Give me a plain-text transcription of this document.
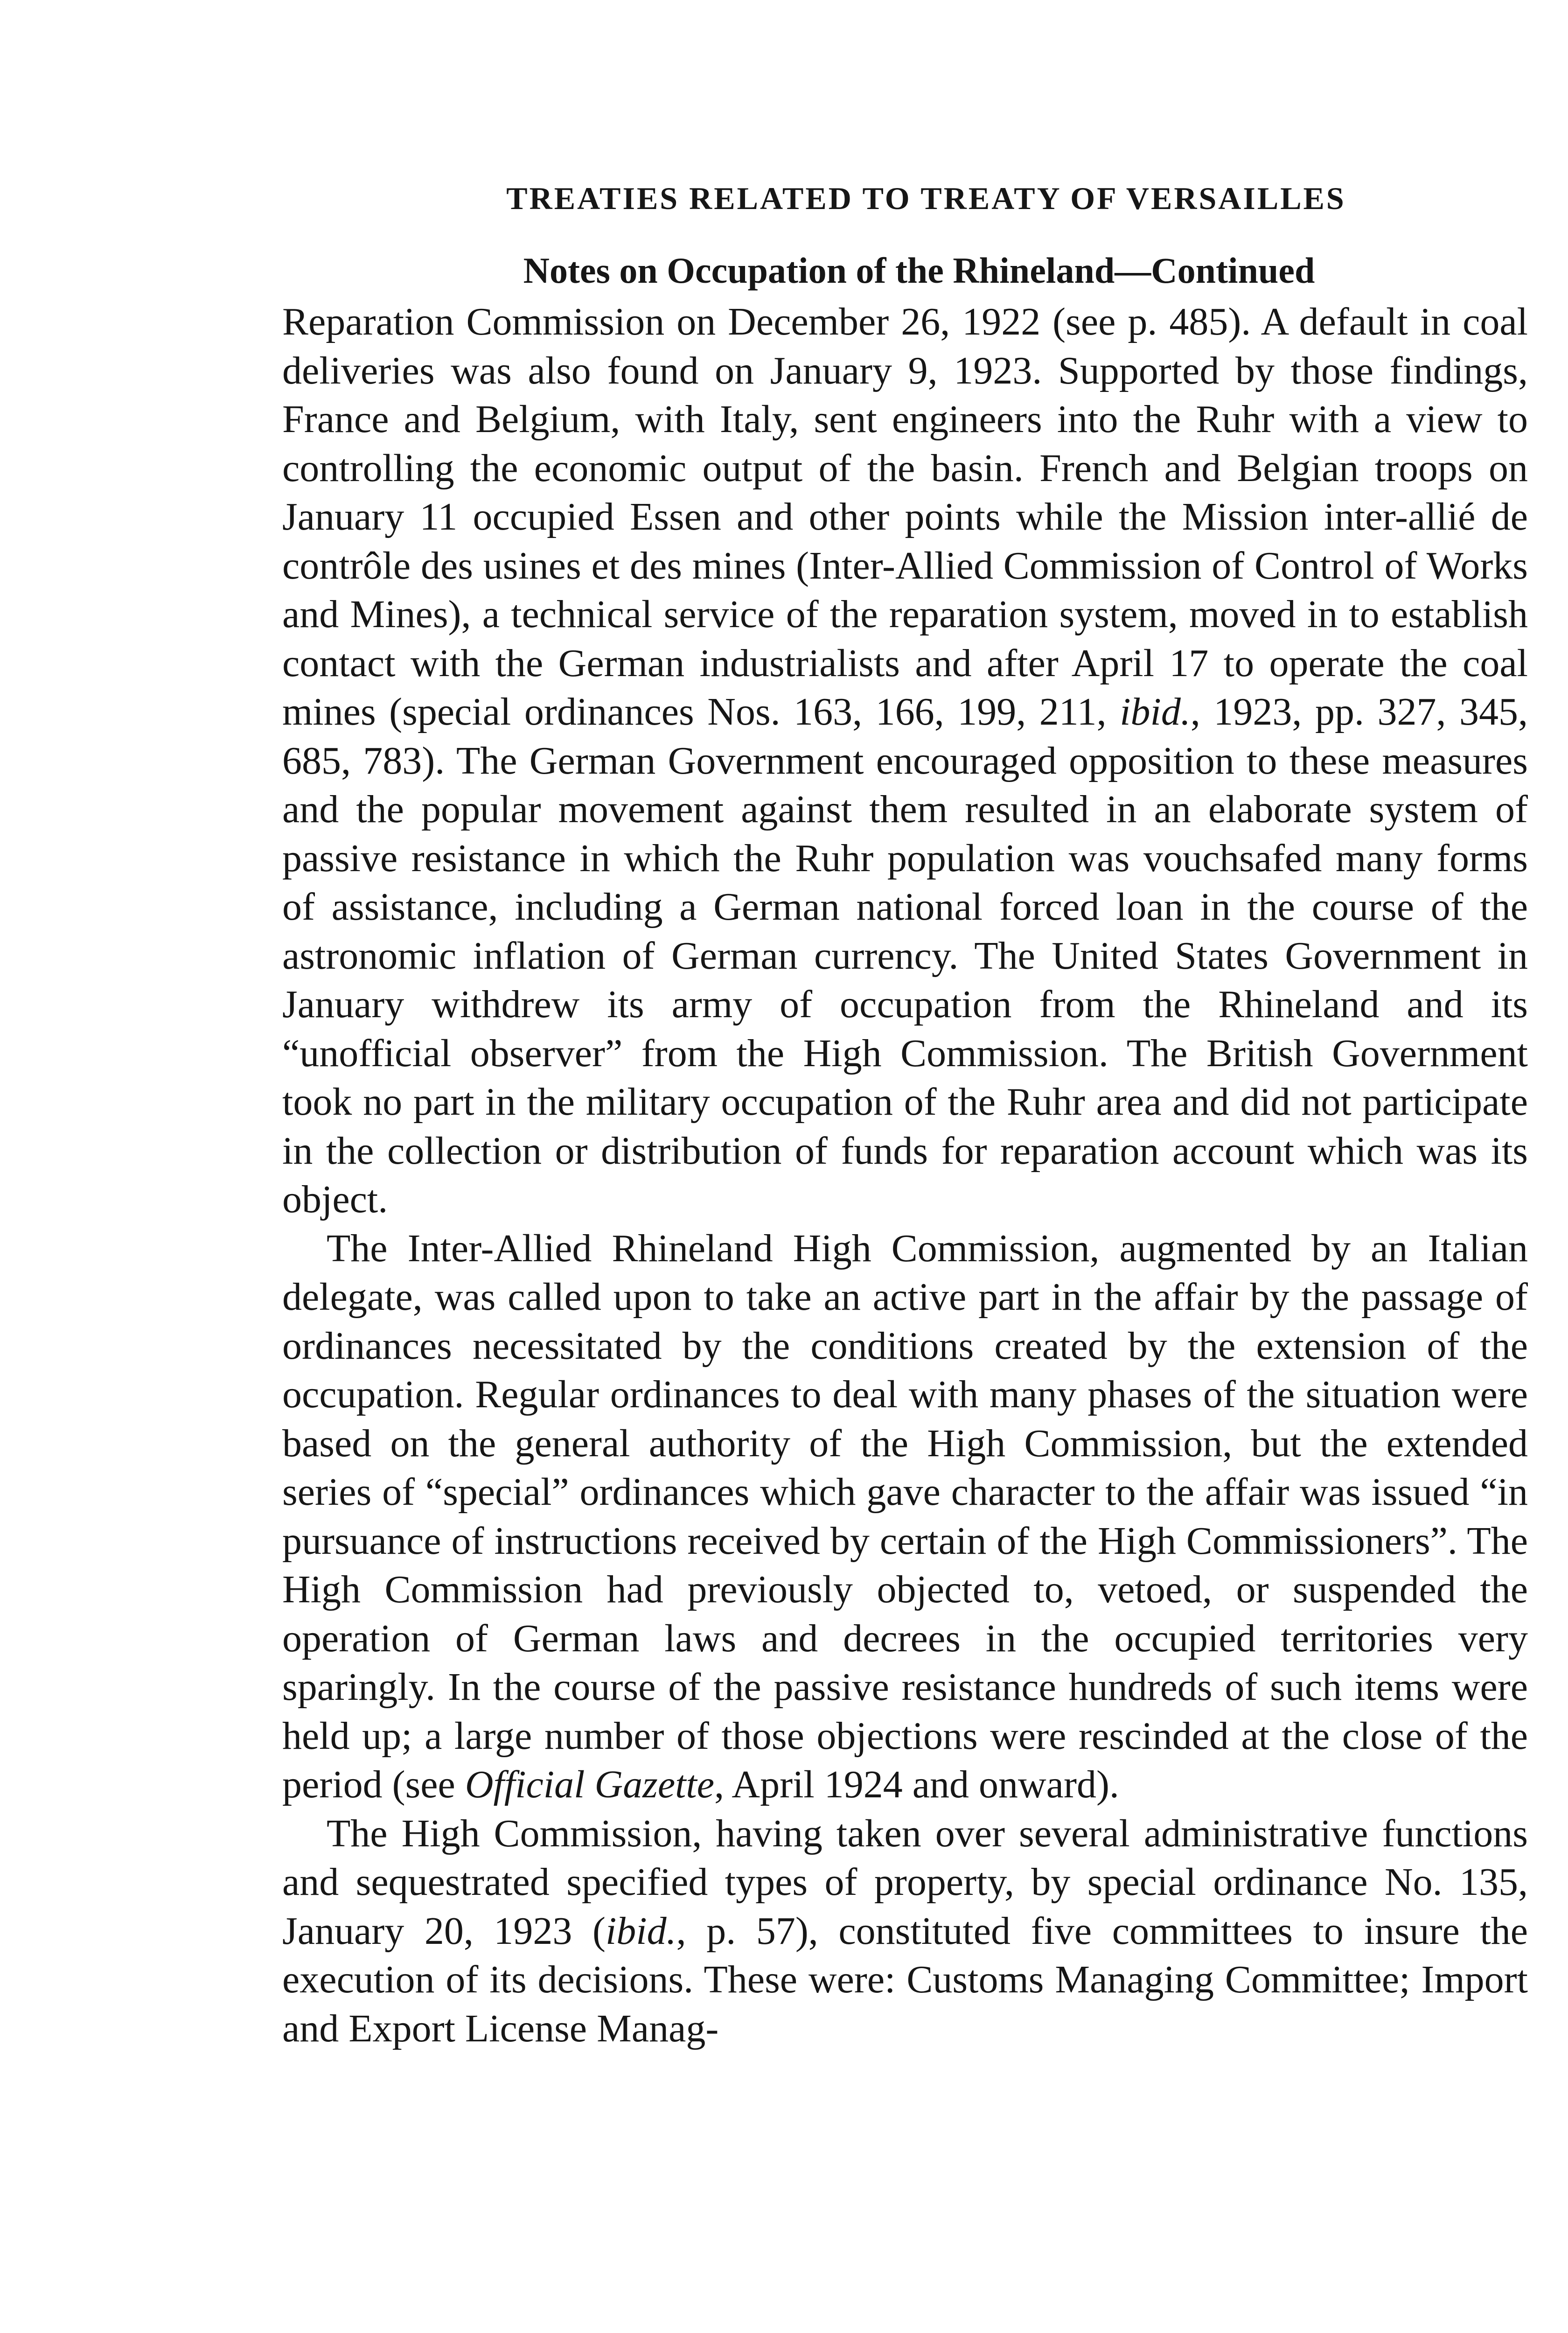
TREATIES RELATED TO TREATY OF VERSAILLES
Notes on Occupation of the Rhineland—Continued

Reparation Commission on December 26, 1922 (see p. 485). A default in coal deliveries was also found on January 9, 1923. Supported by those findings, France and Belgium, with Italy, sent engineers into the Ruhr with a view to controlling the economic output of the basin. French and Belgian troops on January 11 occupied Essen and other points while the Mission inter-allié de contrôle des usines et des mines (Inter-Allied Commission of Control of Works and Mines), a technical service of the reparation system, moved in to establish contact with the German industrialists and after April 17 to operate the coal mines (special ordinances Nos. 163, 166, 199, 211, ibid., 1923, pp. 327, 345, 685, 783). The German Government encouraged opposition to these measures and the popular movement against them resulted in an elaborate system of passive resistance in which the Ruhr population was vouchsafed many forms of assistance, including a German national forced loan in the course of the astronomic inflation of German currency. The United States Government in January withdrew its army of occupation from the Rhineland and its “unofficial observer” from the High Commission. The British Government took no part in the military occupation of the Ruhr area and did not participate in the collection or distribution of funds for reparation account which was its object.

The Inter-Allied Rhineland High Commission, augmented by an Italian delegate, was called upon to take an active part in the affair by the passage of ordinances necessitated by the conditions created by the extension of the occupation. Regular ordinances to deal with many phases of the situation were based on the general authority of the High Commission, but the extended series of “special” ordinances which gave character to the affair was issued “in pursuance of instructions received by certain of the High Commissioners”. The High Commission had previously objected to, vetoed, or suspended the operation of German laws and decrees in the occupied territories very sparingly. In the course of the passive resistance hundreds of such items were held up; a large number of those objections were rescinded at the close of the period (see Official Gazette, April 1924 and onward).

The High Commission, having taken over several administrative functions and sequestrated specified types of property, by special ordinance No. 135, January 20, 1923 (ibid., p. 57), constituted five committees to insure the execution of its decisions. These were: Customs Managing Committee; Import and Export License Manag-
